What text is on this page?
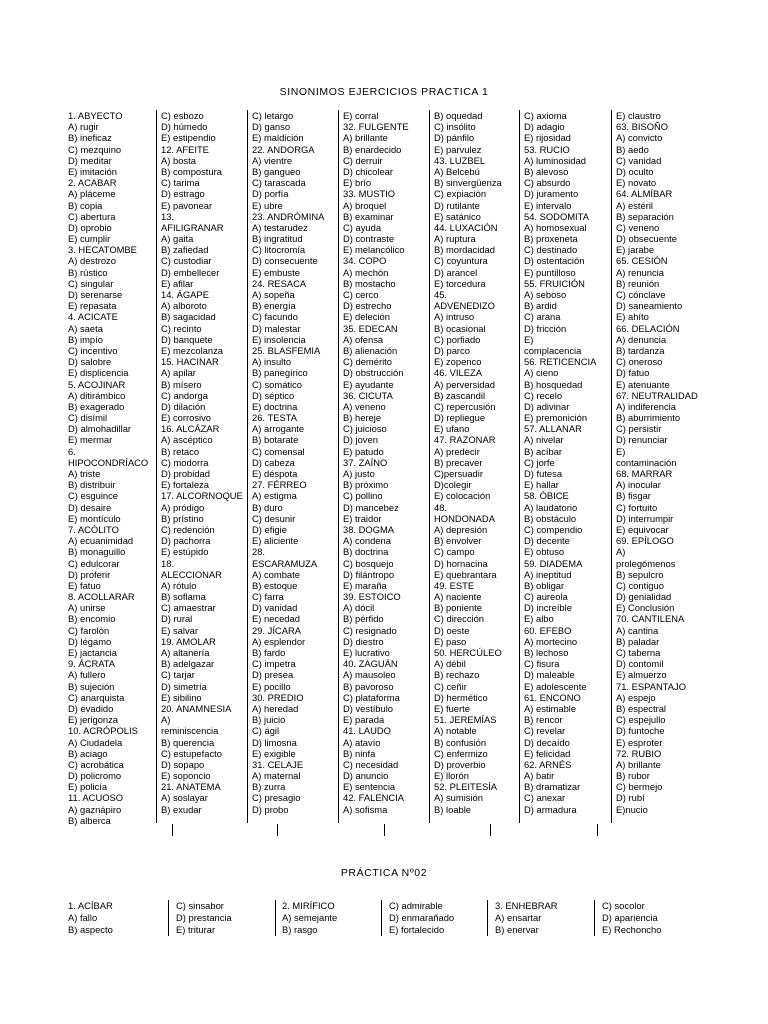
SINONIMOS EJERCICIOS PRACTICA 1
1. ABYECTO
A) rugir
B) ineficaz
C) mezquino
D) meditar
E) imitación
2. ACABAR
A) pláceme
B) copia
C) abertura
D) oprobio
E) cumplir
3. HECATOMBE
A) destrozo
B) rústico
C) singular
D) serenarse
E) repasata
4. ACICATE
A) saeta
B) impío
C) incentivo
D) salobre
E) displicencia
5. ACOJINAR
A) ditirámbico
B) exagerado
C) disímil
D) almohadillar
E) mermar
6.
HIPOCONDRÍACO
A) triste
B) distribuir
C) esguince
D) desaire
E) montículo
7. ACÓLITO
A) ecuanimidad
B) monaguillo
C) edulcorar
D) proferir
E) fatuo
8. ACOLLARAR
A) unirse
B) encomio
C) farolón
D) légamo
E) jactancia
9. ÁCRATA
A) fullero
B) sujeción
C) anarquista
D) evadido
E) jerigonza
10. ACRÓPOLIS
A) Ciudadela
B) aciago
C) acrobática
D) policromo
E) policía
11. ACUOSO
A) gaznápiro
B) alberca
C) esbozo
D) húmedo
E) estipendio
12. AFEITE
A) bosta
B) compostura
C) tarima
D) estrago
E) pavonear
13.
AFILIGRANAR
A) gaita
B) zafiedad
C) custodiar
D) embellecer
E) afilar
14. ÁGAPE
A) alboroto
B) sagacidad
C) recinto
D) banquete
E) mezcolanza
15. HACINAR
A) apilar
B) mísero
C) andorga
D) dilación
E) corrosivo
16. ALCÁZAR
A) ascéptico
B) retaco
C) modorra
D) probidad
E) fortaleza
17. ALCORNOQUE
A) pródigo
B) prístino
C) redención
D) pachorra
E) estúpido
18.
ALECCIONAR
A) rótulo
B) soflama
C) amaestrar
D) rural
E) salvar
19. AMOLAR
A) altanería
B) adelgazar
C) tarjar
D) simetría
E) sibilino
20. ANAMNESIA
A)
reminiscencia
B) querencia
C) estupefacto
D) sopapo
E) soponcio
21. ANATEMA
A) soslayar
B) exudar
C) letargo
D) ganso
E) maldición
22. ANDORGA
A) vientre
B) gangueo
C) tarascada
D) porfía
E) ubre
23. ANDRÓMINA
A) testarudez
B) ingratitud
C) litocromía
D) consecuente
E) embuste
24. RESACA
A) sopeña
B) energía
C) facundo
D) malestar
E) insolencia
25. BLASFEMIA
A) insulto
B) panegírico
C) somático
D) séptico
E) doctrina
26. TESTA
A) arrogante
B) botarate
C) comensal
D) cabeza
E) déspota
27. FÉRREO
A) estigma
B) duro
C) desunir
D) efigie
E) aliciente
28.
ESCARAMUZA
A) combate
B) estoque
C) farra
D) vanidad
E) necedad
29. JÍCARA
A) esplendor
B) fardo
C) impetra
D) presea
E) pocillo
30. PREDIO
A) heredad
B) juicio
C) ágil
D) limosna
E) exigible
31. CELAJE
A) maternal
B) zurra
C) presagio
D) probo
E) corral
32. FULGENTE
A) brillante
B) enardecido
C) derruir
D) chicolear
E) brío
33. MUSTIO
A) broquel
B) examinar
C) ayuda
D) contraste
E) melancólico
34. COPO
A) mechón
B) mostacho
C) cerco
D) estrecho
E) deleción
35. EDECAN
A) ofensa
B) alienación
C) demérito
D) obstrucción
E) ayudante
36. CICUTA
A) veneno
B) hereje
C) juicioso
D) joven
E) patudo
37. ZAÍNO
A) justo
B) próximo
C) pollino
D) mancebez
E) traidor
38. DOGMA
A) condena
B) doctrina
C) bosquejo
D) filántropo
E) maraña
39. ESTOICO
A) dócil
B) pérfido
C) resignado
D) diestro
E) lucrativo
40. ZAGUÁN
A) mausoleo
B) pavoroso
C) plataforma
D) vestíbulo
E) parada
41. LAUDO
A) atavío
B) ninfa
C) necesidad
D) anuncio
E) sentencia
42. FALENCIA
A) sofisma
B) oquedad
C) insólito
D) pánfilo
E) parvulez
43. LUZBEL
A) Belcebú
B) sinvergüenza
C) expiación
D) rutilante
E) satánico
44. LUXACIÓN
A) ruptura
B) mordacidad
C) coyuntura
D) arancel
E) torcedura
45.
ADVENEDIZO
A) intruso
B) ocasional
C) porfiado
D) parco
E) zopenco
46. VILEZA
A) perversidad
B) zascandil
C) repercusión
D) repliegue
E) ufano
47. RAZONAR
A) predecir
B) precaver
C)persuadir
D)colegir
E) colocación
48.
HONDONADA
A) depresión
B) envolver
C) campo
D) hornacina
E) quebrantara
49. ESTE
A) naciente
B) poniente
C) dirección
D) oeste
E) paso
50. HERCÚLEO
A) débil
B) rechazo
C) ceñir
D) hermético
E) fuerte
51. JEREMÍAS
A) notable
B) confusión
C) enfermizo
D) proverbio
E) llorón
52. PLEITESÍA
A) sumisión
B) loable
C) axioma
D) adagio
E) rijosidad
53. RUCIO
A) luminosidad
B) alevoso
C) absurdo
D) juramento
E) intervalo
54. SODOMITA
A) homosexual
B) proxeneta
C) destinado
D) ostentación
E) puntilloso
55. FRUICIÓN
A) seboso
B) ardid
C) arana
D) fricción
E)
complacencia
56. RETICENCIA
A) cieno
B) hosquedad
C) recelo
D) adivinar
E) premonición
57. ALLANAR
A) nivelar
B) acíbar
C) jorfe
D) futesa
E) hallar
58. ÓBICE
A) laudatorio
B) obstáculo
C) compendio
D) decente
E) obtuso
59. DIADEMA
A) ineptitud
B) obligar
C) aureola
D) increíble
E) albo
60. EFEBO
A) mortecino
B) lechoso
C) fisura
D) maleable
E) adolescente
61. ENCONO
A) estimable
B) rencor
C) revelar
D) decaído
E) felicidad
62. ARNÉS
A) batir
B) dramatizar
C) anexar
D) armadura
E) claustro
63. BISOÑO
A) convicto
B) aedo
C) vanidad
D) oculto
E) novato
64. ALMÍBAR
A) estéril
B) separación
C) veneno
D) obsecuente
E) jarabe
65. CESIÓN
A) renuncia
B) reunión
C) cónclave
D) saneamiento
E) ahíto
66. DELACIÓN
A) denuncia
B) tardanza
C) oneroso
D) fatuo
E) atenuante
67. NEUTRALIDAD
A) indiferencia
B) aburrimiento
C) persistir
D) renunciar
E)
contaminación
68. MARRAR
A) inocular
B) fisgar
C) fortuito
D) interrumpir
E) equivocar
69. EPÍLOGO
A)
prolegómenos
B) sepulcro
C) contiguo
D) genialidad
E) Conclusión
70. CANTILENA
A) cantina
B) paladar
C) taberna
D) contomil
E) almuerzo
71. ESPANTAJO
A) espejo
B) espectral
C) espejullo
D) funtoche
E) esproter
72. RUBIO
A) brillante
B) rubor
C) bermejo
D) rubí
E)nucio
PRÁCTICA Nº02
1. ACÍBAR
A) fallo
B) aspecto
C) sinsabor
D) prestancia
E) triturar
2. MIRÍFICO
A) semejante
B) rasgo
C) admirable
D) enmarañado
E) fortalecido
3. ENHEBRAR
A) ensartar
B) enervar
C) socolor
D) apariencia
E) Rechoncho
